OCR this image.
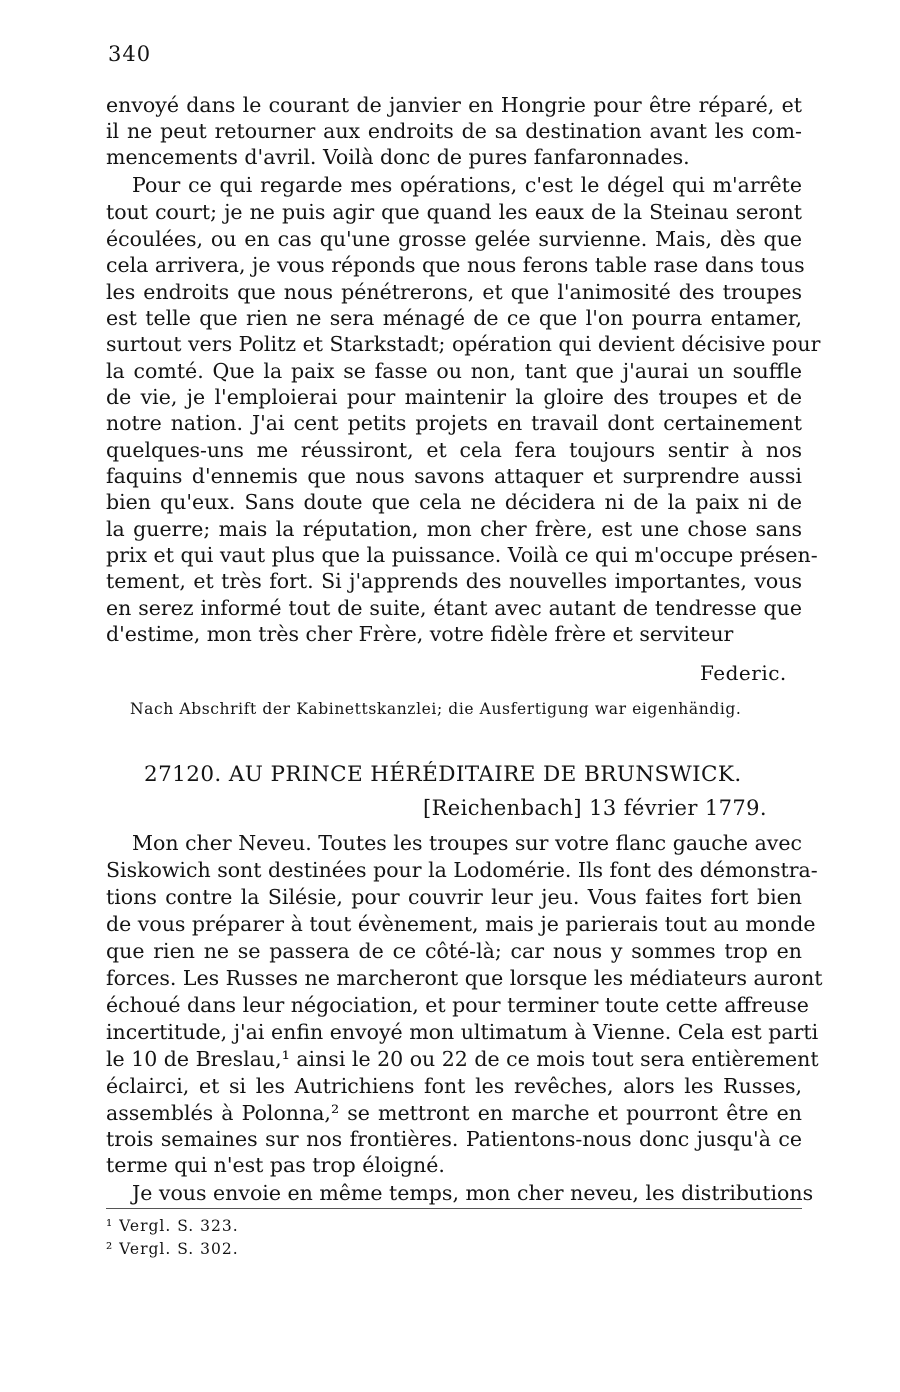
340
envoyé dans le courant de janvier en Hongrie pour être réparé, et
il ne peut retourner aux endroits de sa destination avant les com-
mencements d'avril. Voilà donc de pures fanfaronnades.
Pour ce qui regarde mes opérations, c'est le dégel qui m'arrête
tout court; je ne puis agir que quand les eaux de la Steinau seront
écoulées, ou en cas qu'une grosse gelée survienne. Mais, dès que
cela arrivera, je vous réponds que nous ferons table rase dans tous
les endroits que nous pénétrerons, et que l'animosité des troupes
est telle que rien ne sera ménagé de ce que l'on pourra entamer,
surtout vers Politz et Starkstadt; opération qui devient décisive pour
la comté. Que la paix se fasse ou non, tant que j'aurai un souffle
de vie, je l'emploierai pour maintenir la gloire des troupes et de
notre nation. J'ai cent petits projets en travail dont certainement
quelques-uns me réussiront, et cela fera toujours sentir à nos
faquins d'ennemis que nous savons attaquer et surprendre aussi
bien qu'eux. Sans doute que cela ne décidera ni de la paix ni de
la guerre; mais la réputation, mon cher frère, est une chose sans
prix et qui vaut plus que la puissance. Voilà ce qui m'occupe présen-
tement, et très fort. Si j'apprends des nouvelles importantes, vous
en serez informé tout de suite, étant avec autant de tendresse que
d'estime, mon très cher Frère, votre fidèle frère et serviteur
Federic.
Nach Abschrift der Kabinettskanzlei; die Ausfertigung war eigenhändig.
27120. AU PRINCE HÉRÉDITAIRE DE BRUNSWICK.
[Reichenbach] 13 février 1779.
Mon cher Neveu. Toutes les troupes sur votre flanc gauche avec
Siskowich sont destinées pour la Lodomérie. Ils font des démonstra-
tions contre la Silésie, pour couvrir leur jeu. Vous faites fort bien
de vous préparer à tout évènement, mais je parierais tout au monde
que rien ne se passera de ce côté-là; car nous y sommes trop en
forces. Les Russes ne marcheront que lorsque les médiateurs auront
échoué dans leur négociation, et pour terminer toute cette affreuse
incertitude, j'ai enfin envoyé mon ultimatum à Vienne. Cela est parti
le 10 de Breslau,¹ ainsi le 20 ou 22 de ce mois tout sera entièrement
éclairci, et si les Autrichiens font les revêches, alors les Russes,
assemblés à Polonna,² se mettront en marche et pourront être en
trois semaines sur nos frontières. Patientons-nous donc jusqu'à ce
terme qui n'est pas trop éloigné.
Je vous envoie en même temps, mon cher neveu, les distributions
¹ Vergl. S. 323.
² Vergl. S. 302.
